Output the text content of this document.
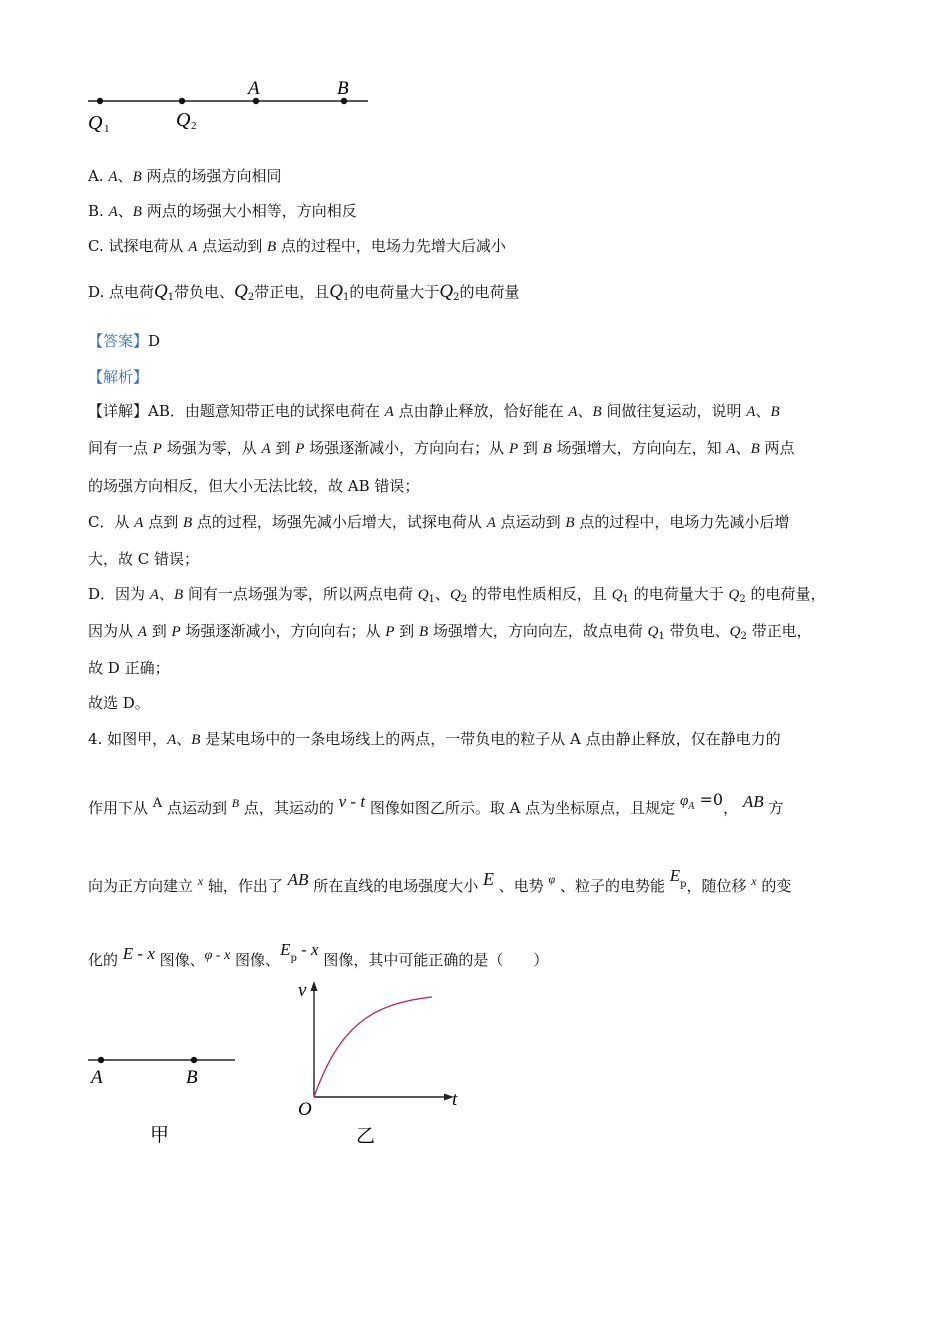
Q 1	Q 2
A	B
A. A、B 两点的场强方向相同
B. A、B 两点的场强大小相等，方向相反
C. 试探电荷从 A 点运动到 B 点的过程中，电场力先增大后减小
D. 点电荷$Q_1$带负电、$Q_2$带正电，且$Q_1$的电荷量大于$Q_2$的电荷量
【答案】D
【解析】
【详解】AB．由题意知带正电的试探电荷在 A 点由静止释放，恰好能在 A、B 间做往复运动，说明 A、B
间有一点 P 场强为零，从 A 到 P 场强逐渐减小，方向向右；从 P 到 B 场强增大，方向向左，知 A、B 两点
的场强方向相反，但大小无法比较，故 AB 错误；
C．从 A 点到 B 点的过程，场强先减小后增大，试探电荷从 A 点运动到 B 点的过程中，电场力先减小后增
大，故 C 错误；
D．因为 A、B 间有一点场强为零，所以两点电荷 $Q_1$、$Q_2$ 的带电性质相反，且 $Q_1$ 的电荷量大于 $Q_2$ 的电荷量，
因为从 A 到 P 场强逐渐减小，方向向右；从 P 到 B 场强增大，方向向左，故点电荷 $Q_1$ 带负电、$Q_2$ 带正电，
故 D 正确；
故选 D。
4. 如图甲，A、B 是某电场中的一条电场线上的两点，一带负电的粒子从 A 点由静止释放，仅在静电力的
作用下从 A 点运动到 $^B$ 点，其运动的 v - t 图像如图乙所示。取 A 点为坐标原点，且规定 $\varphi^A =0$， AB 方
向为正方向建立 $^x$ 轴，作出了 AB 所在直线的电场强度大小 E 、电势 $^\varphi$ 、粒子的电势能 $E^p$，随位移 $^x$ 的变
化的 E - x 图像、φ - x 图像、$E^p$ - x 图像，其中可能正确的是（　　）
A	B
甲
v
t
O
乙
